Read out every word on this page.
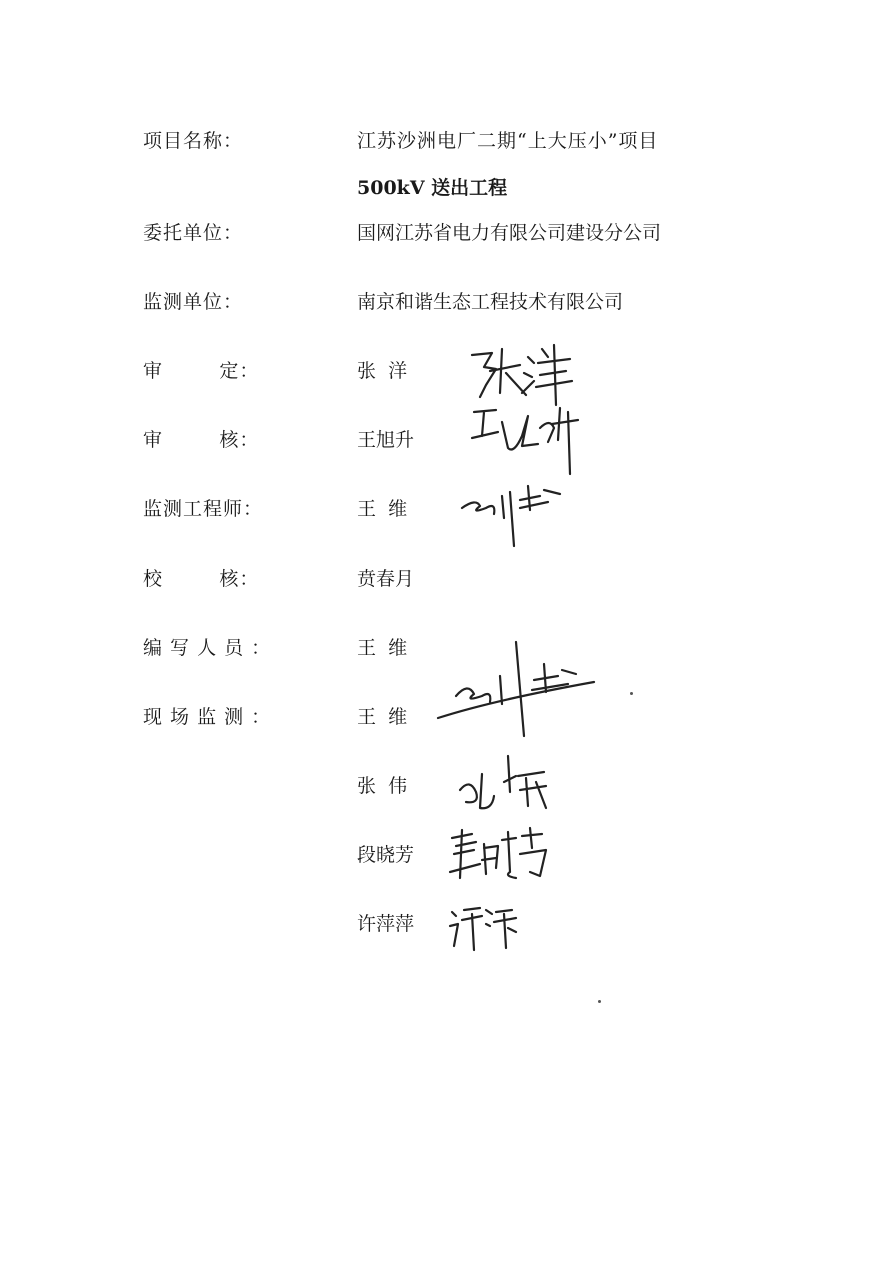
项目名称：	江苏沙洲电厂二期“上大压小”项目
500kV 送出工程
委托单位：	国网江苏省电力有限公司建设分公司
监测单位：	南京和谐生态工程技术有限公司
审        定：	张  洋
审        核：	王旭升
监测工程师：	王  维
校        核：	贲春月
编 写 人 员 ：	王  维
现 场 监 测 ：	王  维
张  伟
段晓芳
许萍萍
